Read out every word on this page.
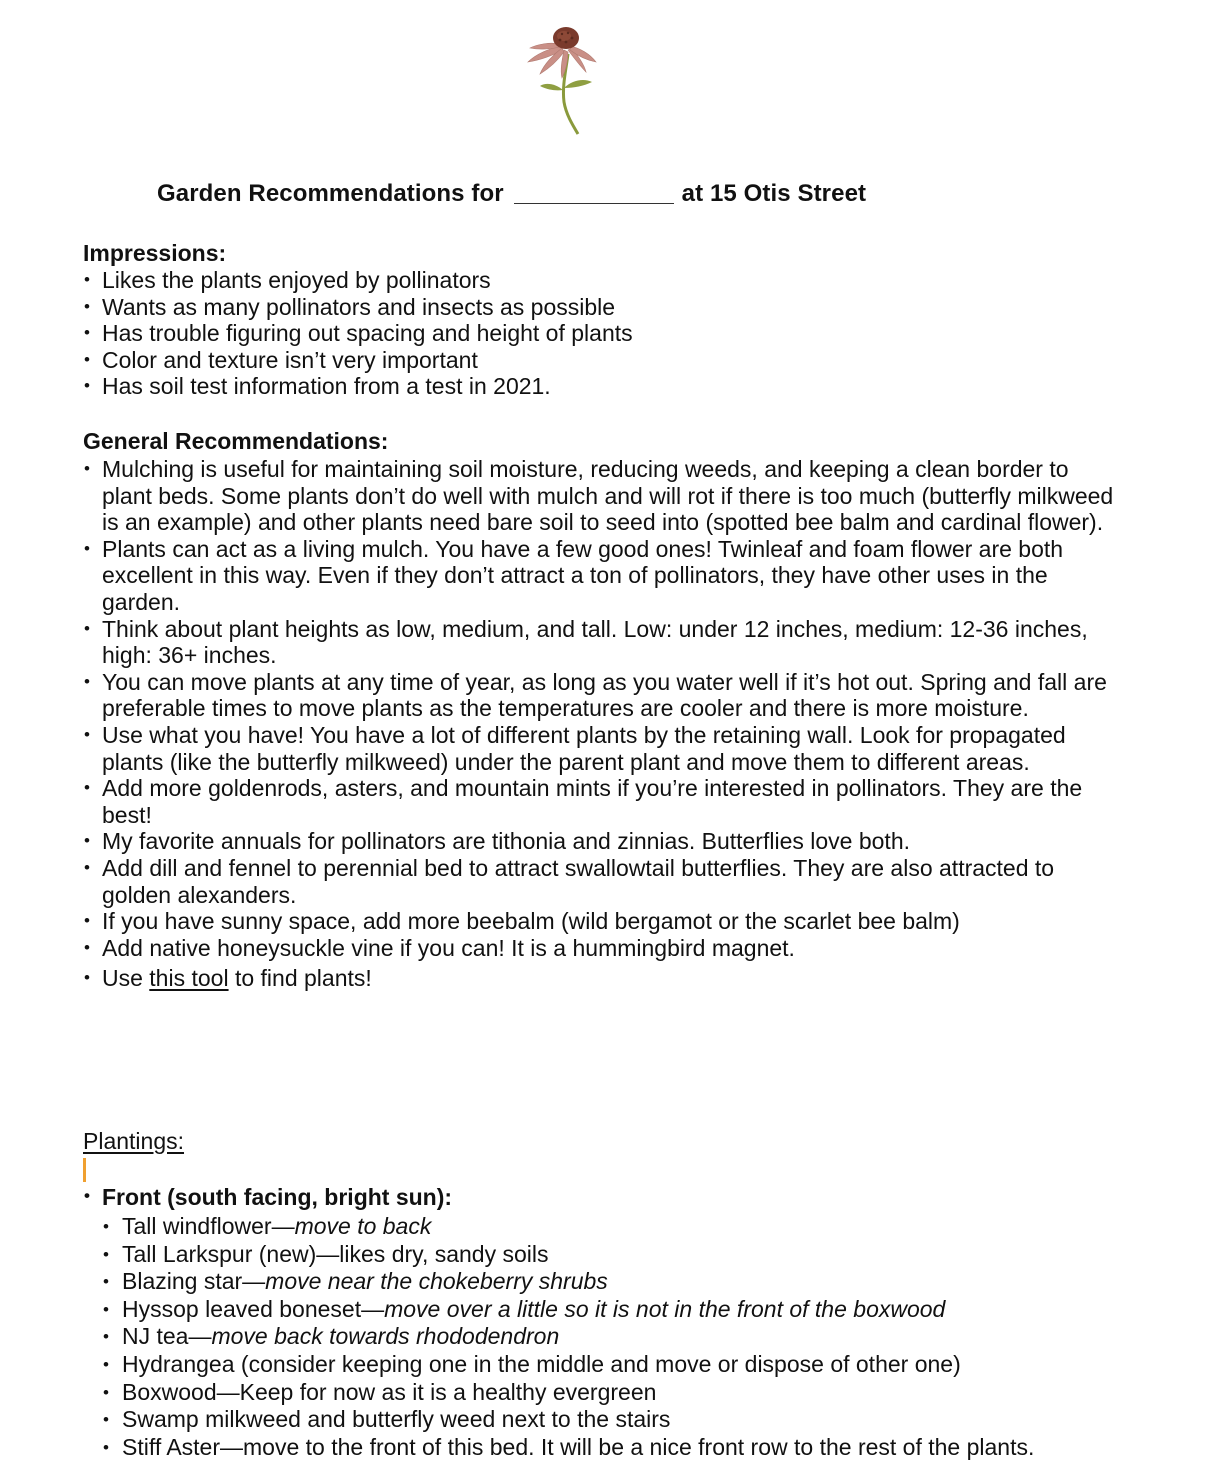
Garden Recommendations for	at 15 Otis Street
Impressions:
• Likes the plants enjoyed by pollinators
• Wants as many pollinators and insects as possible
• Has trouble figuring out spacing and height of plants
• Color and texture isn’t very important
• Has soil test information from a test in 2021.
General Recommendations:
• Mulching is useful for maintaining soil moisture, reducing weeds, and keeping a clean border to plant beds. Some plants don’t do well with mulch and will rot if there is too much (butterfly milkweed is an example) and other plants need bare soil to seed into (spotted bee balm and cardinal flower).
• Plants can act as a living mulch. You have a few good ones! Twinleaf and foam flower are both excellent in this way. Even if they don’t attract a ton of pollinators, they have other uses in the garden.
• Think about plant heights as low, medium, and tall. Low: under 12 inches, medium: 12-36 inches, high: 36+ inches.
• You can move plants at any time of year, as long as you water well if it’s hot out. Spring and fall are preferable times to move plants as the temperatures are cooler and there is more moisture.
• Use what you have! You have a lot of different plants by the retaining wall. Look for propagated plants (like the butterfly milkweed) under the parent plant and move them to different areas.
• Add more goldenrods, asters, and mountain mints if you’re interested in pollinators. They are the best!
• My favorite annuals for pollinators are tithonia and zinnias. Butterflies love both.
• Add dill and fennel to perennial bed to attract swallowtail butterflies. They are also attracted to golden alexanders.
• If you have sunny space, add more beebalm (wild bergamot or the scarlet bee balm)
• Add native honeysuckle vine if you can! It is a hummingbird magnet.
• Use this tool to find plants!
Plantings:
• Front (south facing, bright sun):
• Tall windflower—move to back
• Tall Larkspur (new)—likes dry, sandy soils
• Blazing star—move near the chokeberry shrubs
• Hyssop leaved boneset—move over a little so it is not in the front of the boxwood
• NJ tea—move back towards rhododendron
• Hydrangea (consider keeping one in the middle and move or dispose of other one)
• Boxwood—Keep for now as it is a healthy evergreen
• Swamp milkweed and butterfly weed next to the stairs
• Stiff Aster—move to the front of this bed. It will be a nice front row to the rest of the plants.
